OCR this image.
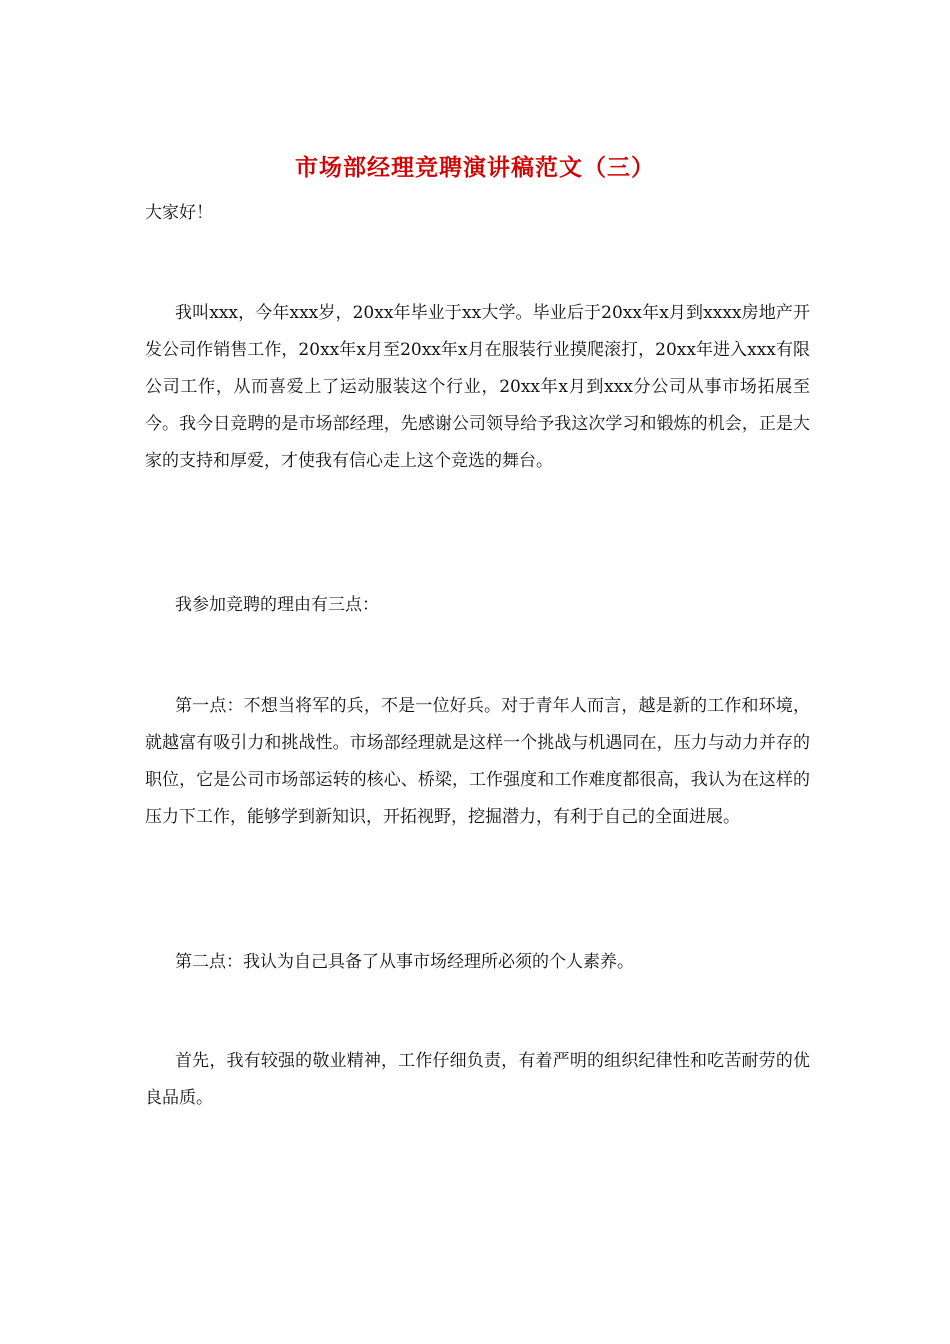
市场部经理竞聘演讲稿范文（三）

大家好！

我叫xxx，今年xxx岁，20xx年毕业于xx大学。毕业后于20xx年x月到xxxx房地产开发公司作销售工作，20xx年x月至20xx年x月在服装行业摸爬滚打，20xx年进入xxx有限公司工作，从而喜爱上了运动服装这个行业，20xx年x月到xxx分公司从事市场拓展至今。我今日竞聘的是市场部经理，先感谢公司领导给予我这次学习和锻炼的机会，正是大家的支持和厚爱，才使我有信心走上这个竞选的舞台。

我参加竞聘的理由有三点：

第一点：不想当将军的兵，不是一位好兵。对于青年人而言，越是新的工作和环境，就越富有吸引力和挑战性。市场部经理就是这样一个挑战与机遇同在，压力与动力并存的职位，它是公司市场部运转的核心、桥梁，工作强度和工作难度都很高，我认为在这样的压力下工作，能够学到新知识，开拓视野，挖掘潜力，有利于自己的全面进展。

第二点：我认为自己具备了从事市场经理所必须的个人素养。

首先，我有较强的敬业精神，工作仔细负责，有着严明的组织纪律性和吃苦耐劳的优良品质。
